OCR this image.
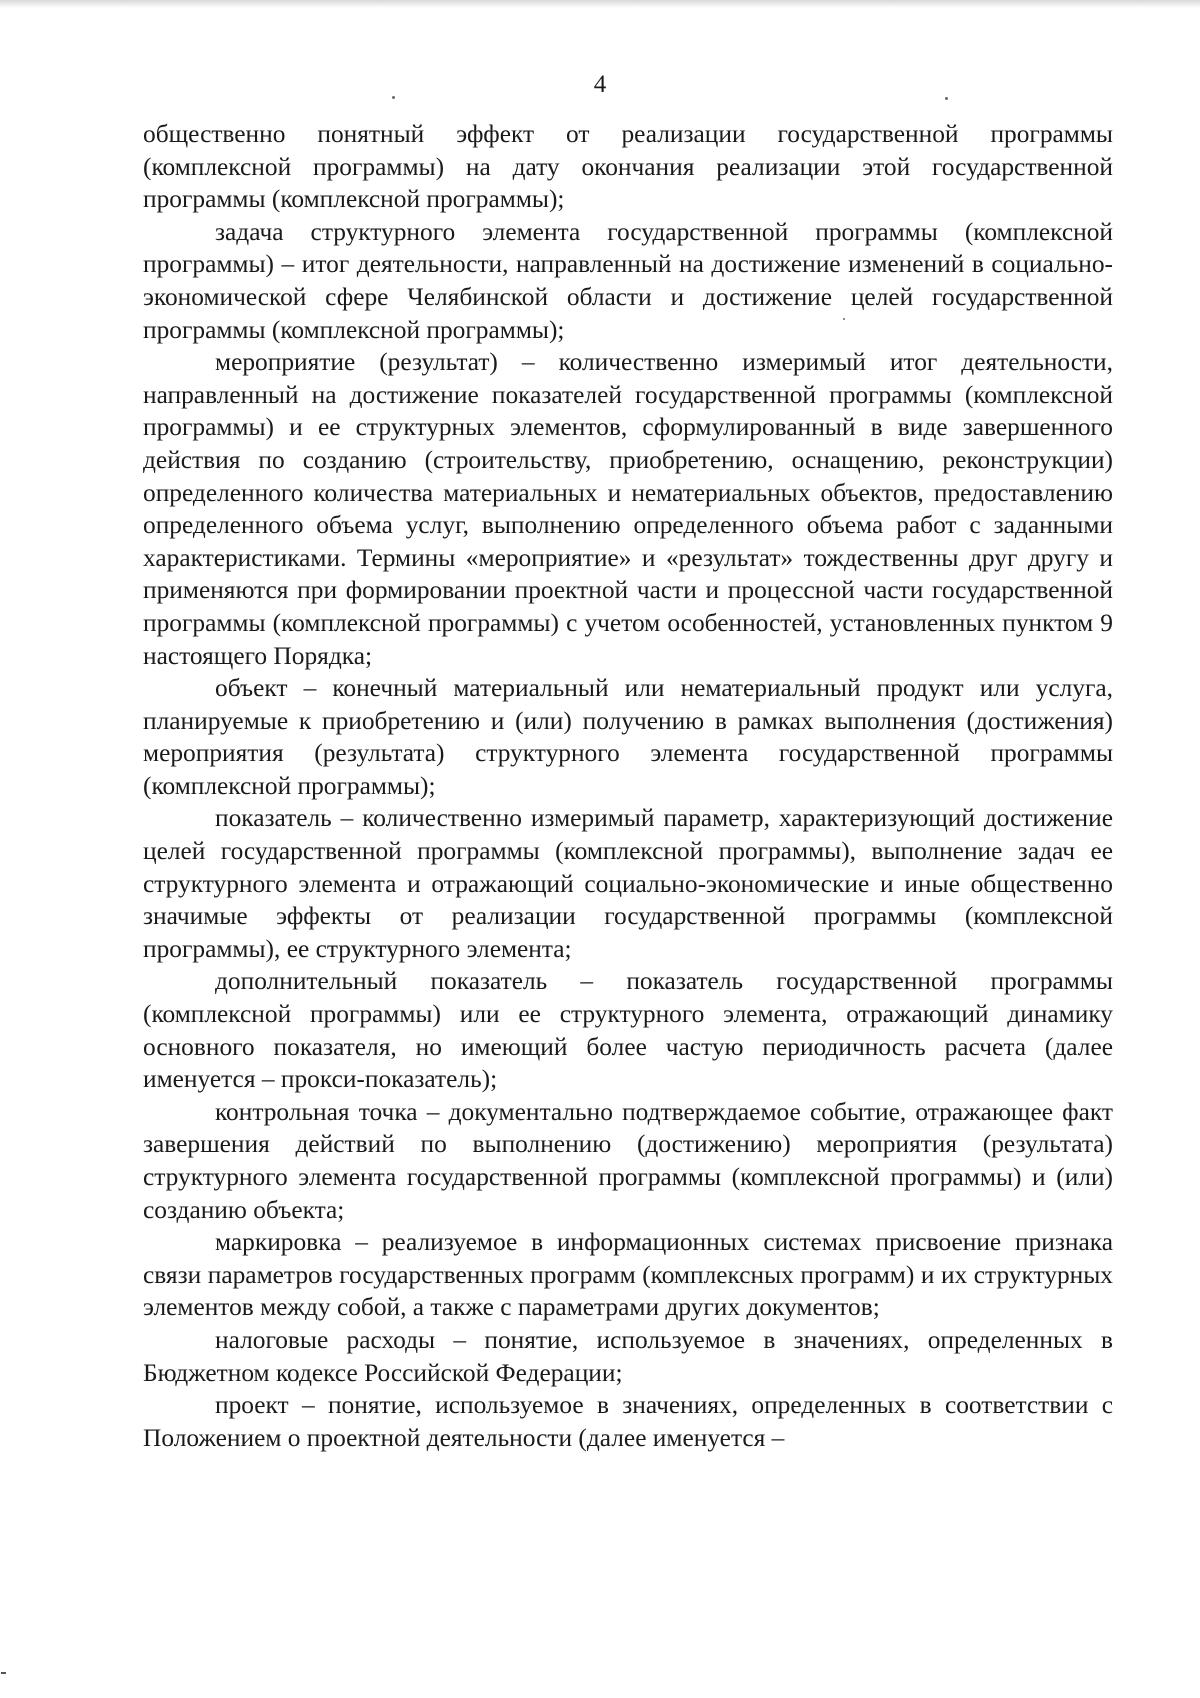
4

общественно понятный эффект от реализации государственной программы (комплексной программы) на дату окончания реализации этой государственной программы (комплексной программы);

задача структурного элемента государственной программы (комплексной программы) – итог деятельности, направленный на достижение изменений в социально-экономической сфере Челябинской области и достижение целей государственной программы (комплексной программы);

мероприятие (результат) – количественно измеримый итог деятельности, направленный на достижение показателей государственной программы (комплексной программы) и ее структурных элементов, сформулированный в виде завершенного действия по созданию (строительству, приобретению, оснащению, реконструкции) определенного количества материальных и нематериальных объектов, предоставлению определенного объема услуг, выполнению определенного объема работ с заданными характеристиками. Термины «мероприятие» и «результат» тождественны друг другу и применяются при формировании проектной части и процессной части государственной программы (комплексной программы) с учетом особенностей, установленных пунктом 9 настоящего Порядка;

объект – конечный материальный или нематериальный продукт или услуга, планируемые к приобретению и (или) получению в рамках выполнения (достижения) мероприятия (результата) структурного элемента государственной программы (комплексной программы);

показатель – количественно измеримый параметр, характеризующий достижение целей государственной программы (комплексной программы), выполнение задач ее структурного элемента и отражающий социально-экономические и иные общественно значимые эффекты от реализации государственной программы (комплексной программы), ее структурного элемента;

дополнительный показатель – показатель государственной программы (комплексной программы) или ее структурного элемента, отражающий динамику основного показателя, но имеющий более частую периодичность расчета (далее именуется – прокси-показатель);

контрольная точка – документально подтверждаемое событие, отражающее факт завершения действий по выполнению (достижению) мероприятия (результата) структурного элемента государственной программы (комплексной программы) и (или) созданию объекта;

маркировка – реализуемое в информационных системах присвоение признака связи параметров государственных программ (комплексных программ) и их структурных элементов между собой, а также с параметрами других документов;

налоговые расходы – понятие, используемое в значениях, определенных в Бюджетном кодексе Российской Федерации;

проект – понятие, используемое в значениях, определенных в соответствии с Положением о проектной деятельности (далее именуется –
